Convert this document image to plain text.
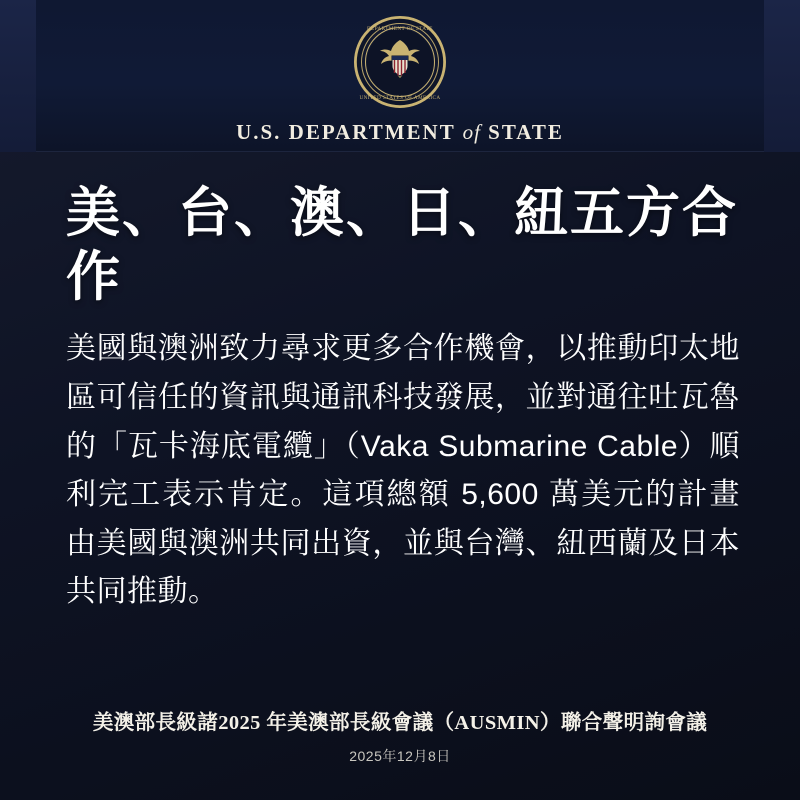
DEPARTMENT OF STATE
UNITED STATES OF AMERICA
U.S. DEPARTMENT of STATE
美、台、澳、日、紐五方合作
美國與澳洲致力尋求更多合作機會，以推動印太地區可信任的資訊與通訊科技發展，並對通往吐瓦魯的「瓦卡海底電纜」（Vaka Submarine Cable）順利完工表示肯定。這項總額 5,600 萬美元的計畫由美國與澳洲共同出資，並與台灣、紐西蘭及日本共同推動。
美澳部長級諸2025 年美澳部長級會議（AUSMIN）聯合聲明詢會議
2025年12月8日
